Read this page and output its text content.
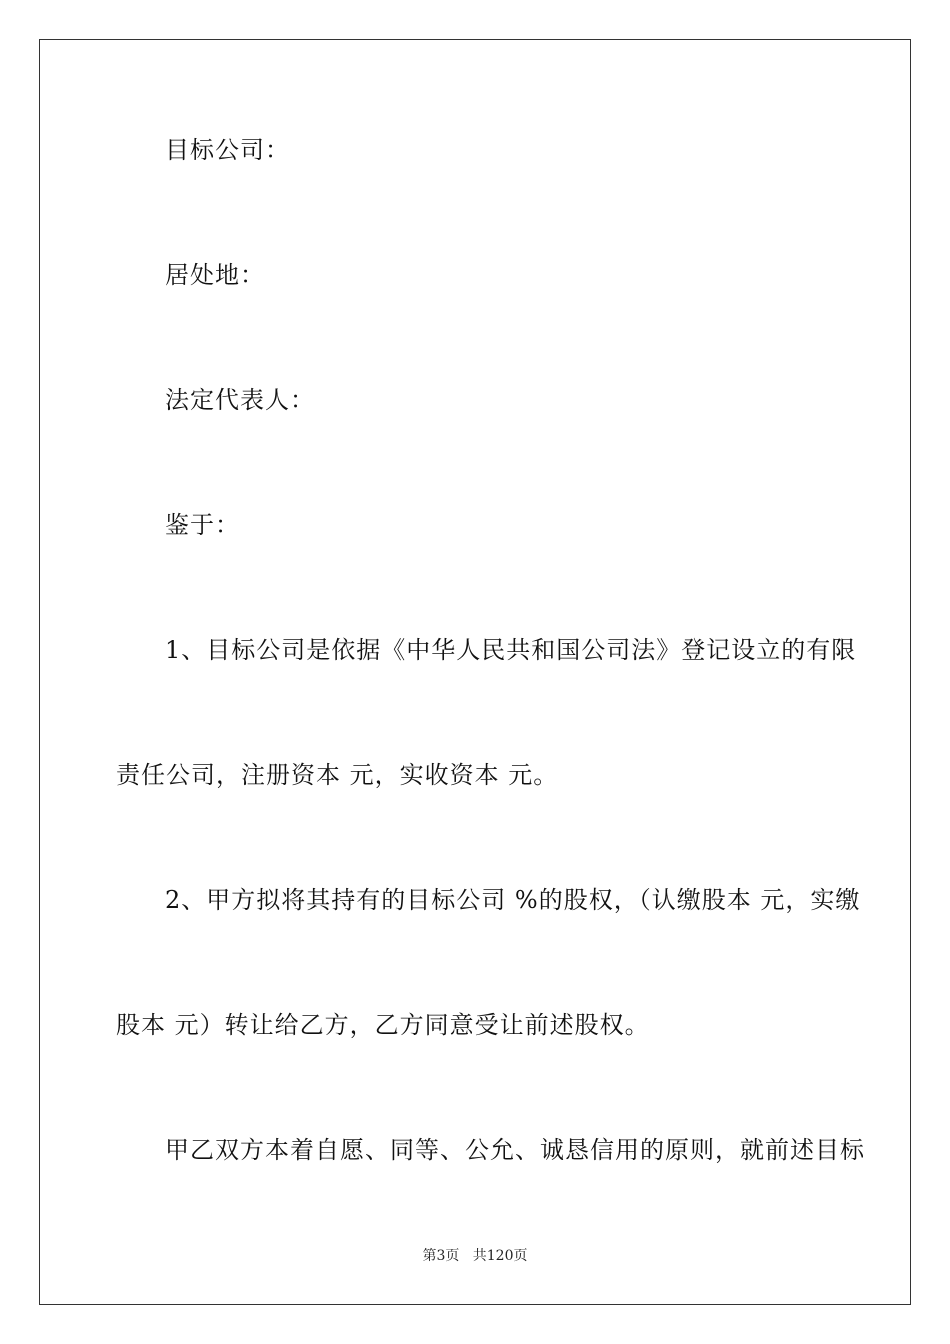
目标公司：
居处地：
法定代表人：
鉴于：
1、目标公司是依据《中华人民共和国公司法》登记设立的有限
责任公司，注册资本 元，实收资本 元。
2、甲方拟将其持有的目标公司 %的股权，（认缴股本 元，实缴
股本 元）转让给乙方，乙方同意受让前述股权。
甲乙双方本着自愿、同等、公允、诚恳信用的原则，就前述目标
第3页   共120页
